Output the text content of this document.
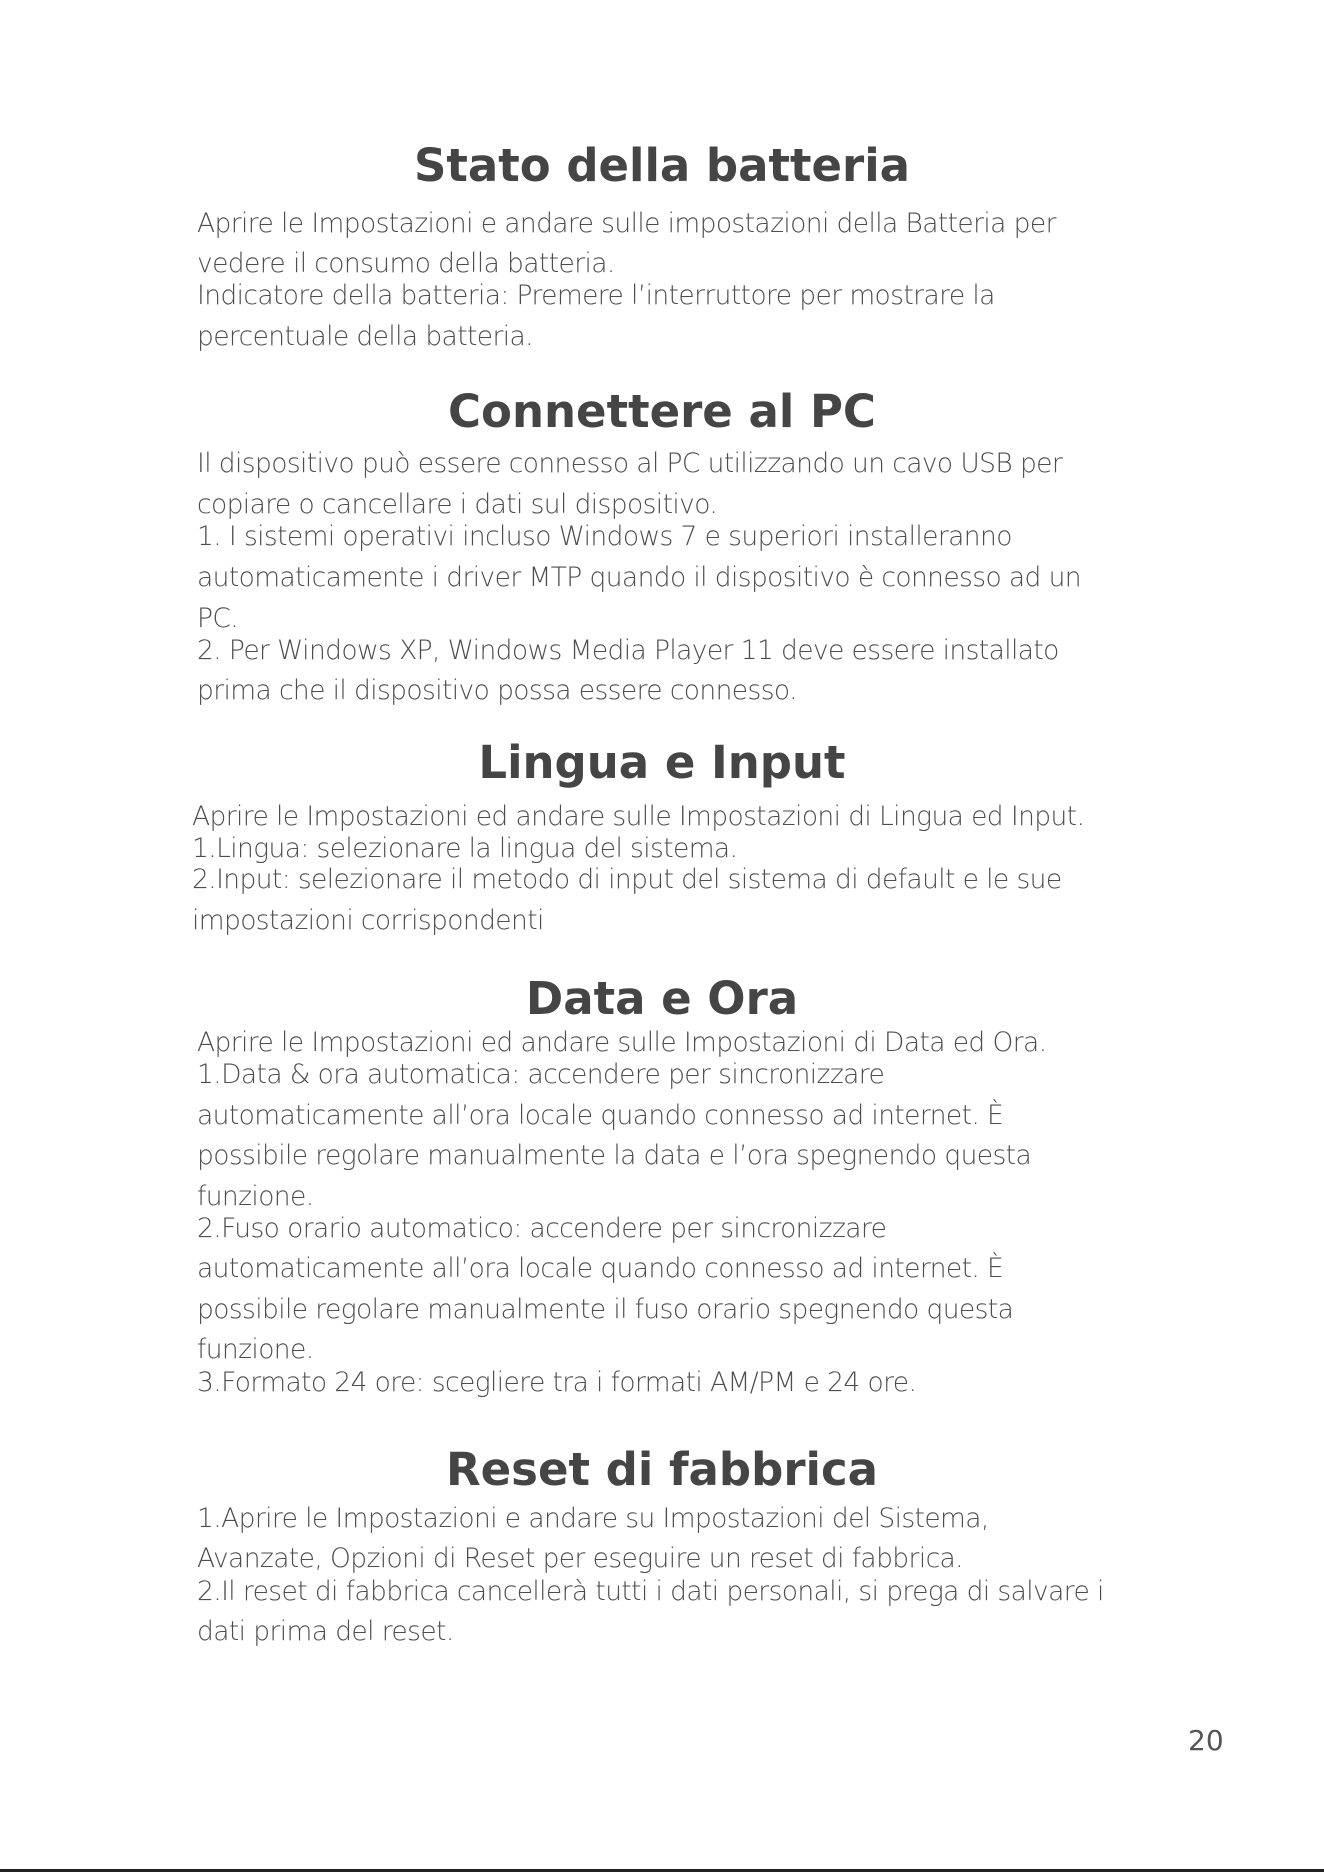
Stato della batteria

Aprire le Impostazioni e andare sulle impostazioni della Batteria per

vedere il consumo della batteria.

Indicatore della batteria: Premere l’interruttore per mostrare la

percentuale della batteria.

Connettere al PC

Il dispositivo può essere connesso al PC utilizzando un cavo USB per

copiare o cancellare i dati sul dispositivo.

1. I sistemi operativi incluso Windows 7 e superiori installeranno

automaticamente i driver MTP quando il dispositivo è connesso ad un

PC.

2. Per Windows XP, Windows Media Player 11 deve essere installato

prima che il dispositivo possa essere connesso.

Lingua e Input

Aprire le Impostazioni ed andare sulle Impostazioni di Lingua ed Input.

1.Lingua: selezionare la lingua del sistema.

2.Input: selezionare il metodo di input del sistema di default e le sue

impostazioni corrispondenti

Data e Ora

Aprire le Impostazioni ed andare sulle Impostazioni di Data ed Ora.

1.Data & ora automatica: accendere per sincronizzare

automaticamente all’ora locale quando connesso ad internet. È

possibile regolare manualmente la data e l’ora spegnendo questa

funzione.

2.Fuso orario automatico: accendere per sincronizzare

automaticamente all’ora locale quando connesso ad internet. È

possibile regolare manualmente il fuso orario spegnendo questa

funzione.

3.Formato 24 ore: scegliere tra i formati AM/PM e 24 ore.

Reset di fabbrica

1.Aprire le Impostazioni e andare su Impostazioni del Sistema,

Avanzate, Opzioni di Reset per eseguire un reset di fabbrica.

2.Il reset di fabbrica cancellerà tutti i dati personali, si prega di salvare i

dati prima del reset.

20
